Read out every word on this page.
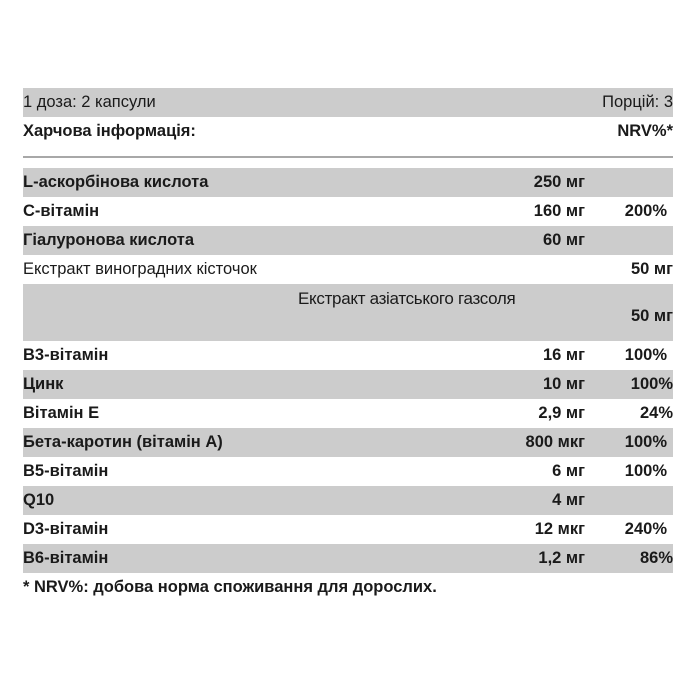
1 доза: 2 капсули	Порцій: 3
Харчова інформація:	NRV%*
L-аскорбінова кислота	250 мг
С-вітамін	160 мг 200%
Гіалуронова кислота	60 мг
Екстракт виноградних кісточок	50 мг
Екстракт азіатського газсоля
50 мг
В3-вітамін	16 мг 100%
Цинк	10 мг	100%
Вітамін Е	2,9 мг	24%
Бета-каротин (вітамін А)	800 мкг 100%
В5-вітамін	6 мг 100%
Q10	4 мг
D3-вітамін	12 мкг 240%
В6-вітамін	1,2 мг	86%
* NRV%: добова норма споживання для дорослих.
